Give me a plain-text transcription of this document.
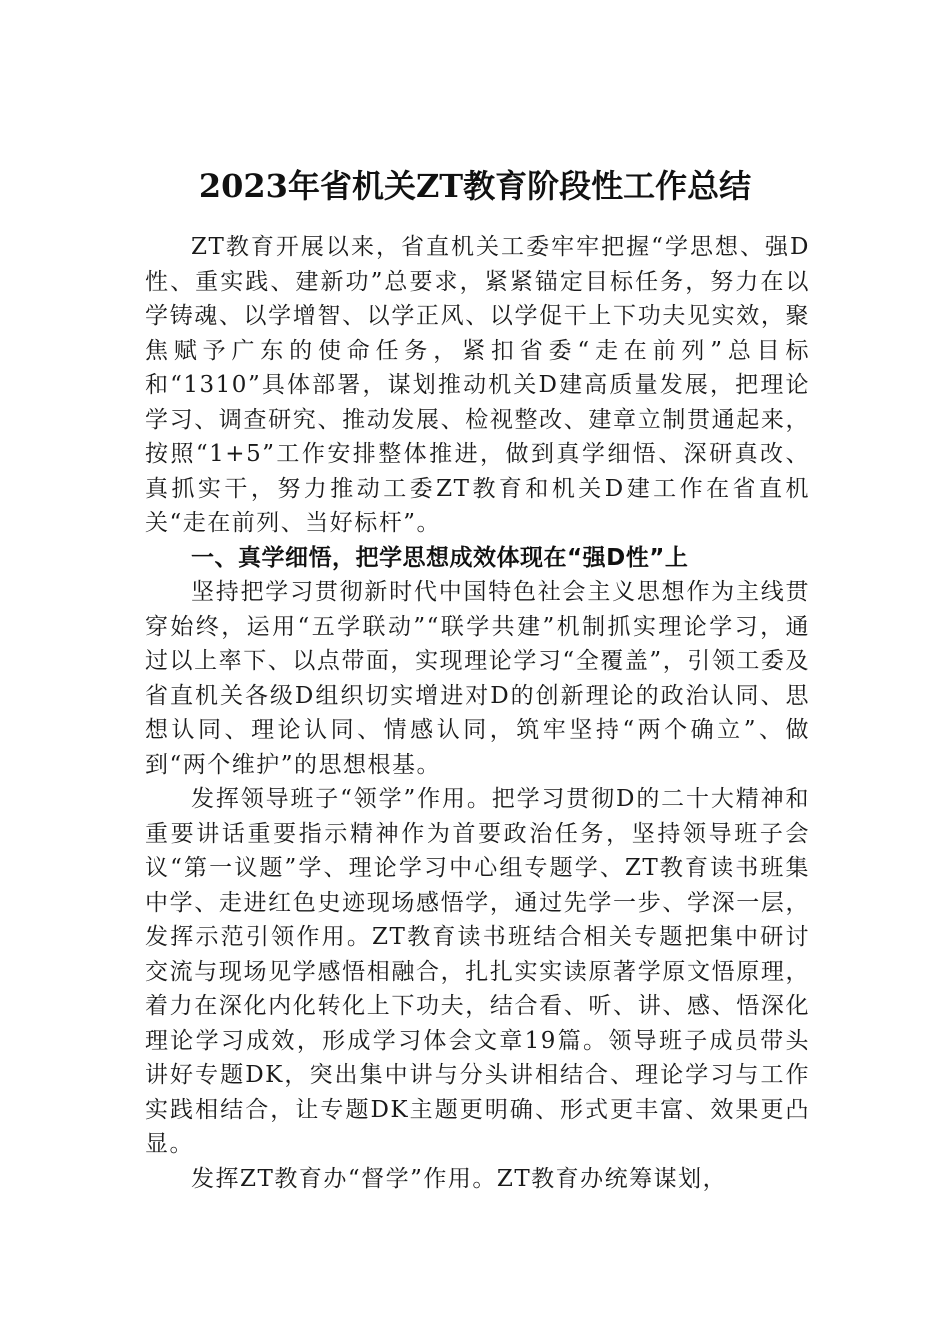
2023年省机关ZT教育阶段性工作总结

ZT教育开展以来，省直机关工委牢牢把握“学思想、强D性、重实践、建新功”总要求，紧紧锚定目标任务，努力在以学铸魂、以学增智、以学正风、以学促干上下功夫见实效，聚焦赋予广东的使命任务，紧扣省委“走在前列”总目标和“1310”具体部署，谋划推动机关D建高质量发展，把理论学习、调查研究、推动发展、检视整改、建章立制贯通起来，按照“1+5”工作安排整体推进，做到真学细悟、深研真改、真抓实干，努力推动工委ZT教育和机关D建工作在省直机关“走在前列、当好标杆”。

一、真学细悟，把学思想成效体现在“强D性”上

坚持把学习贯彻新时代中国特色社会主义思想作为主线贯穿始终，运用“五学联动”“联学共建”机制抓实理论学习，通过以上率下、以点带面，实现理论学习“全覆盖”，引领工委及省直机关各级D组织切实增进对D的创新理论的政治认同、思想认同、理论认同、情感认同，筑牢坚持“两个确立”、做到“两个维护”的思想根基。

发挥领导班子“领学”作用。把学习贯彻D的二十大精神和重要讲话重要指示精神作为首要政治任务，坚持领导班子会议“第一议题”学、理论学习中心组专题学、ZT教育读书班集中学、走进红色史迹现场感悟学，通过先学一步、学深一层，发挥示范引领作用。ZT教育读书班结合相关专题把集中研讨交流与现场见学感悟相融合，扎扎实实读原著学原文悟原理，着力在深化内化转化上下功夫，结合看、听、讲、感、悟深化理论学习成效，形成学习体会文章19篇。领导班子成员带头讲好专题DK，突出集中讲与分头讲相结合、理论学习与工作实践相结合，让专题DK主题更明确、形式更丰富、效果更凸显。

发挥ZT教育办“督学”作用。ZT教育办统筹谋划，
